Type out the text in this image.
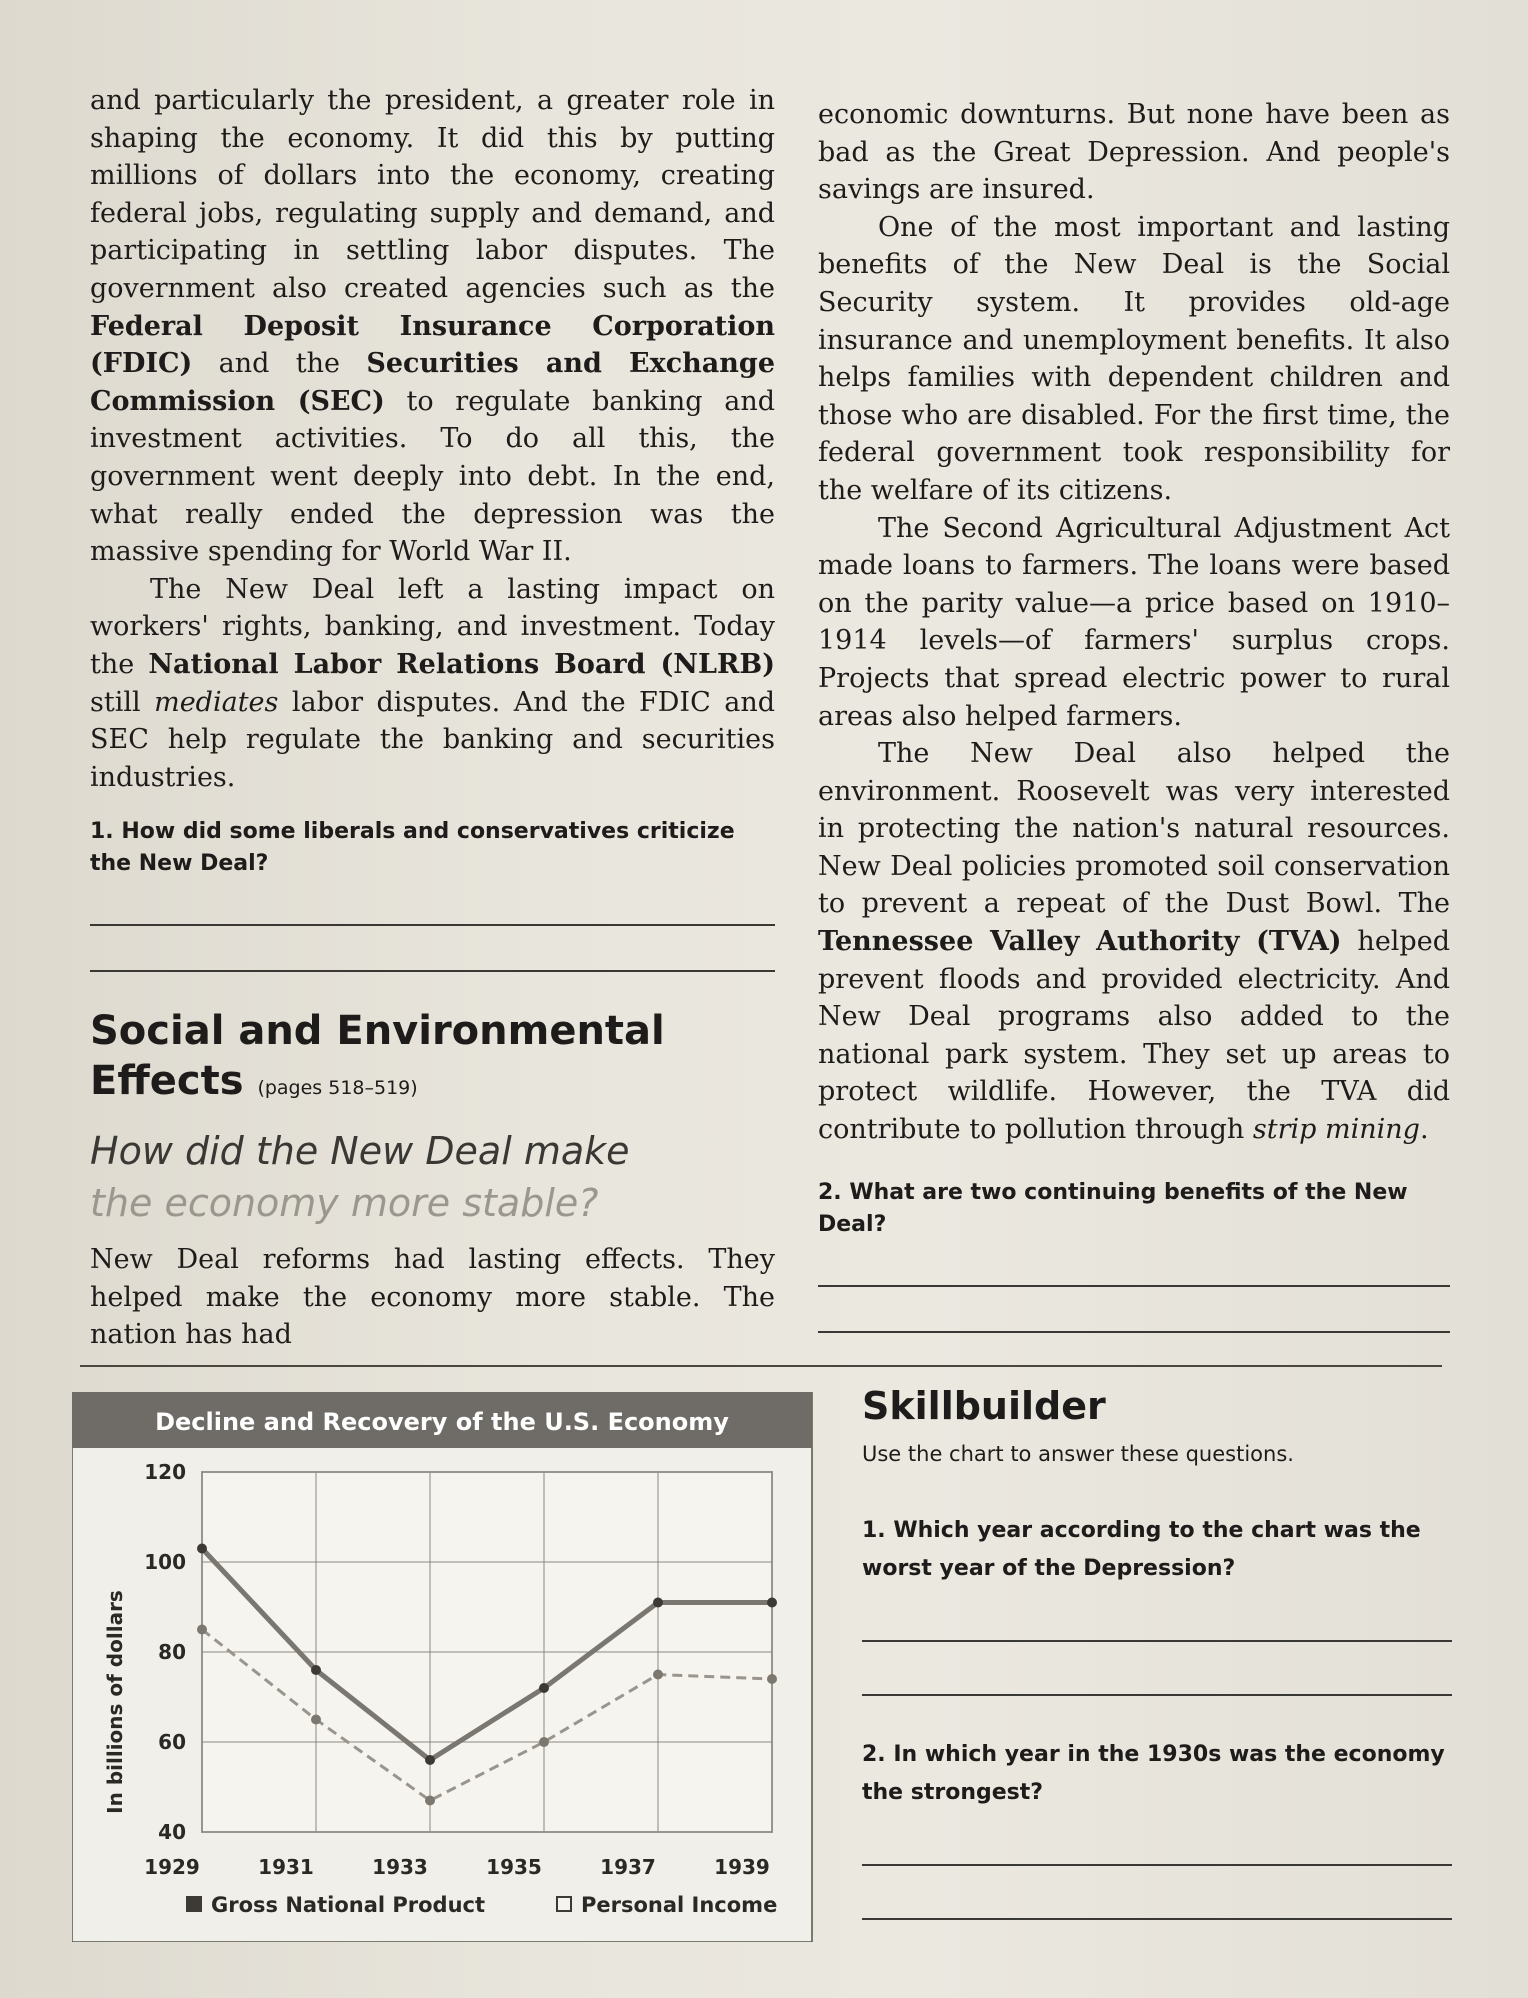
and particularly the president, a greater role in shaping the economy. It did this by putting millions of dollars into the economy, creating federal jobs, regulating supply and demand, and participating in settling labor disputes. The government also created agencies such as the Federal Deposit Insurance Corporation (FDIC) and the Securities and Exchange Commission (SEC) to regulate banking and investment activities. To do all this, the government went deeply into debt. In the end, what really ended the depression was the massive spending for World War II.

The New Deal left a lasting impact on workers' rights, banking, and investment. Today the National Labor Relations Board (NLRB) still mediates labor disputes. And the FDIC and SEC help regulate the banking and securities industries.

1. How did some liberals and conservatives criticize the New Deal?

Social and Environmental Effects (pages 518–519)
How did the New Deal make
the economy more stable?

New Deal reforms had lasting effects. They helped make the economy more stable. The nation has had

economic downturns. But none have been as bad as the Great Depression. And people's savings are insured.

One of the most important and lasting benefits of the New Deal is the Social Security system. It provides old-age insurance and unemployment benefits. It also helps families with dependent children and those who are disabled. For the first time, the federal government took responsibility for the welfare of its citizens.

The Second Agricultural Adjustment Act made loans to farmers. The loans were based on the parity value—a price based on 1910–1914 levels—of farmers' surplus crops. Projects that spread electric power to rural areas also helped farmers.

The New Deal also helped the environment. Roosevelt was very interested in protecting the nation's natural resources. New Deal policies promoted soil conservation to prevent a repeat of the Dust Bowl. The Tennessee Valley Authority (TVA) helped prevent floods and provided electricity. And New Deal programs also added to the national park system. They set up areas to protect wildlife. However, the TVA did contribute to pollution through strip mining.

2. What are two continuing benefits of the New Deal?

Decline and Recovery of the U.S. Economy
In billions of dollars
40
60
80
100
120
1929	1931	1933	1935	1937	1939
Gross National Product	Personal Income
Skillbuilder
Use the chart to answer these questions.
1. Which year according to the chart was the worst year of the Depression?
2. In which year in the 1930s was the economy the strongest?
